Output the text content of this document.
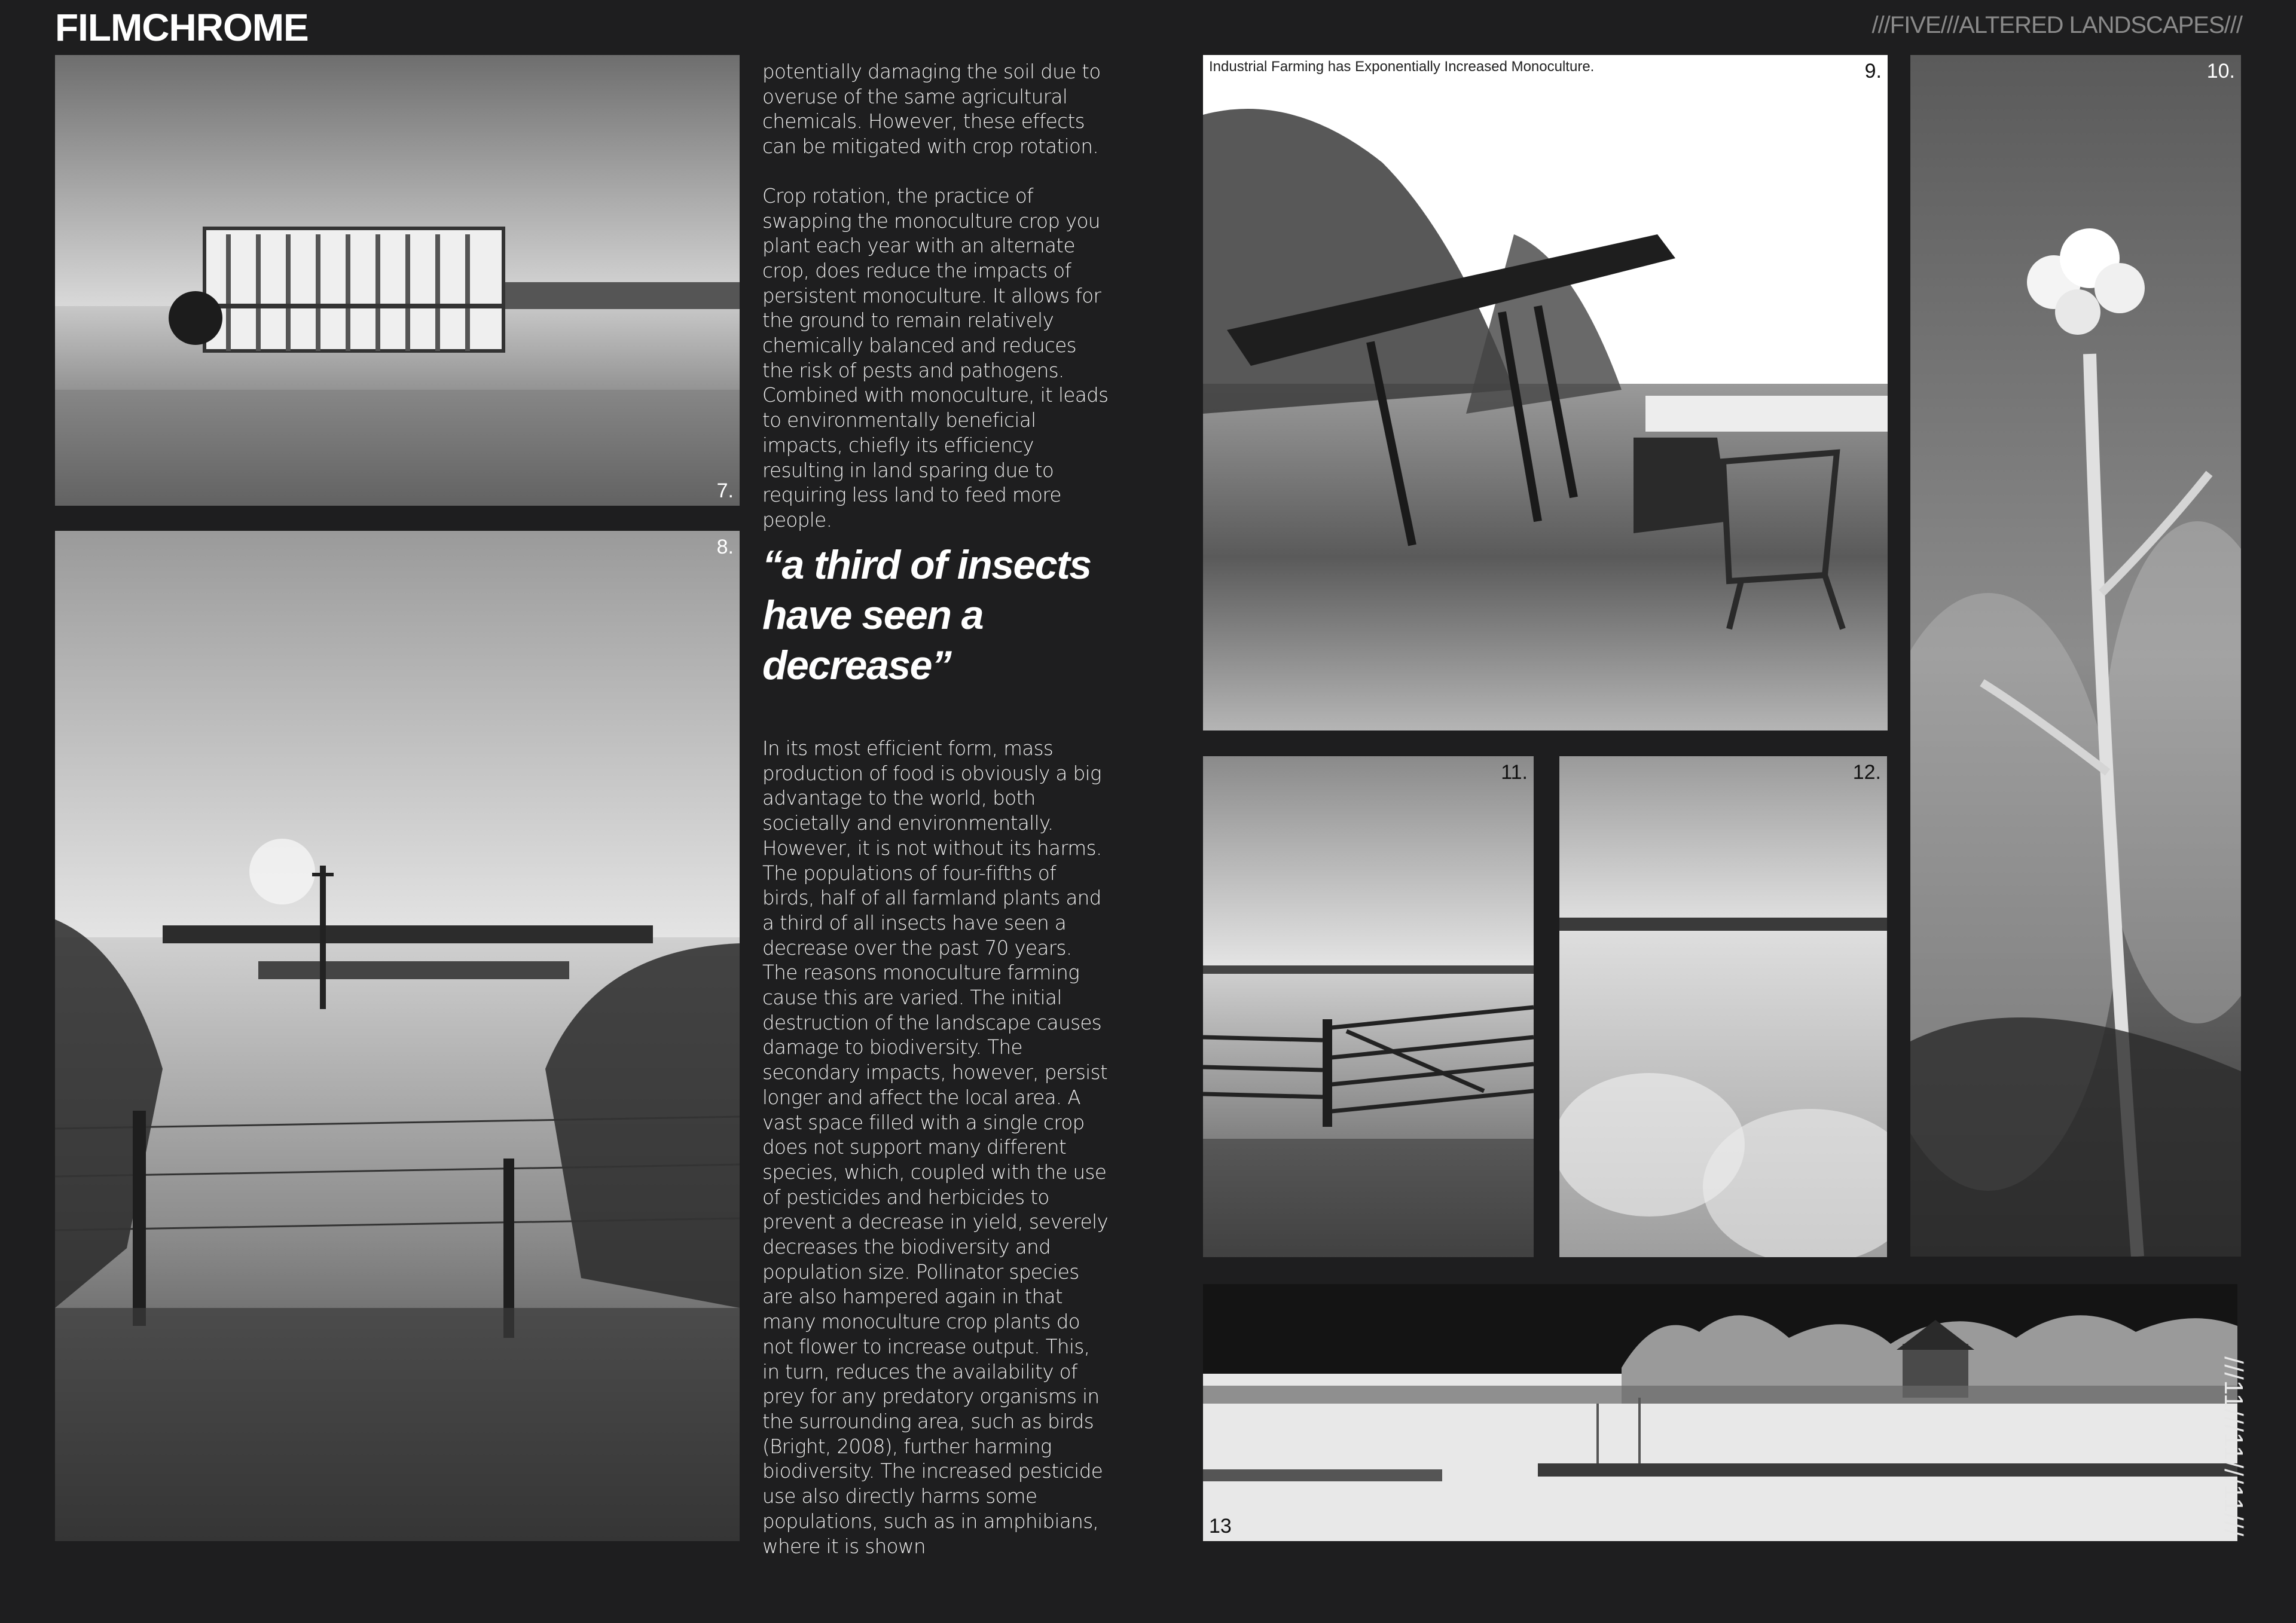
FILMCHROME	///FIVE///ALTERED LANDSCAPES///
7.
8.

potentially damaging the soil due to overuse of the same agricultural chemicals. However, these effects can be mitigated with crop rotation.

Crop rotation, the practice of swapping the monoculture crop you plant each year with an alternate crop, does reduce the impacts of persistent monoculture. It allows for the ground to remain relatively chemically balanced and reduces the risk of pests and pathogens. Combined with monoculture, it leads to environmentally beneficial impacts, chiefly its efficiency resulting in land sparing due to requiring less land to feed more people.

“a third of insects have seen a decrease”

In its most efficient form, mass production of food is obviously a big advantage to the world, both societally and environmentally. However, it is not without its harms. The populations of four-fifths of birds, half of all farmland plants and a third of all insects have seen a decrease over the past 70 years. The reasons monoculture farming cause this are varied. The initial destruction of the landscape causes damage to biodiversity. The secondary impacts, however, persist longer and affect the local area. A vast space filled with a single crop does not support many different species, which, coupled with the use of pesticides and herbicides to prevent a decrease in yield, severely decreases the biodiversity and population size. Pollinator species are also hampered again in that many monoculture crop plants do not flower to increase output. This, in turn, reduces the availability of prey for any predatory organisms in the surrounding area, such as birds (Bright, 2008), further harming biodiversity. The increased pesticide use also directly harms some populations, such as in amphibians, where it is shown

Industrial Farming has Exponentially Increased Monoculture.	9.	10.
11.	12.
13	///11///11///11///
